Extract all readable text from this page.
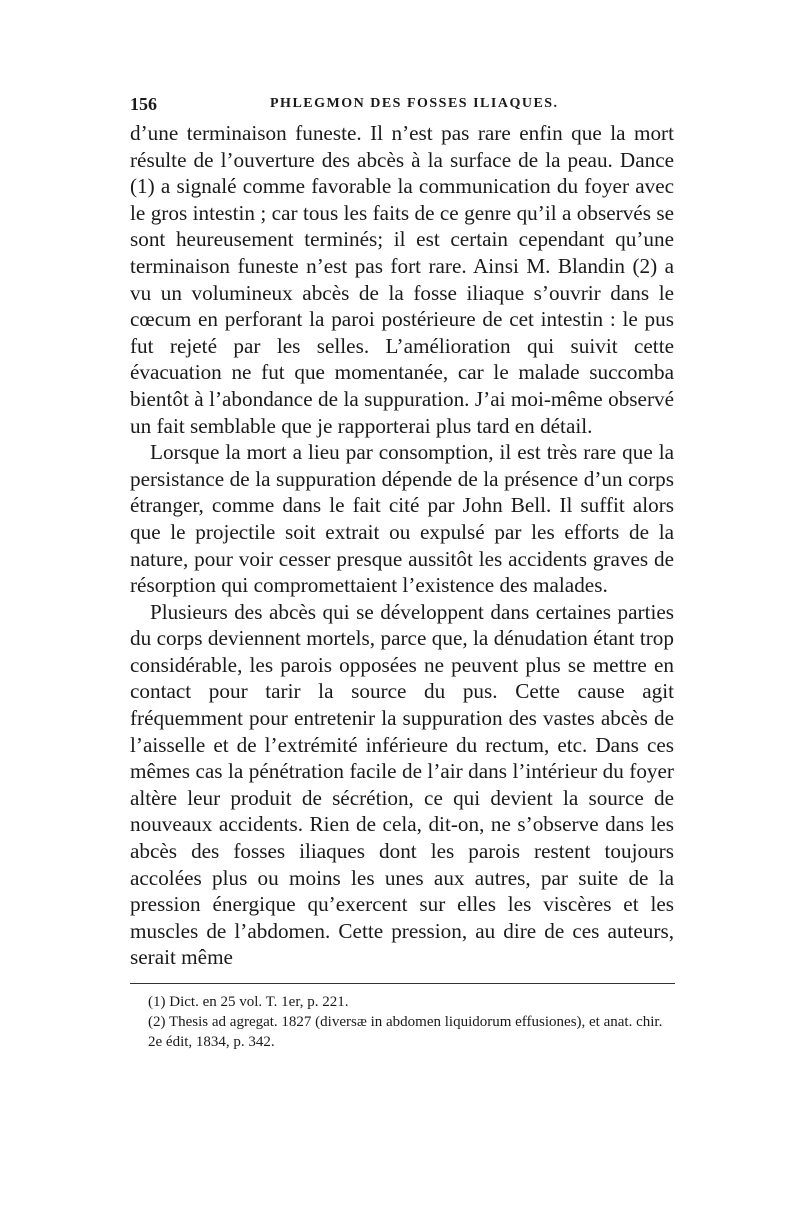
156	PHLEGMON DES FOSSES ILIAQUES.

d’une terminaison funeste. Il n’est pas rare enfin que la mort résulte de l’ouverture des abcès à la surface de la peau. Dance (1) a signalé comme favorable la communication du foyer avec le gros intestin ; car tous les faits de ce genre qu’il a observés se sont heureusement terminés; il est certain cependant qu’une terminaison funeste n’est pas fort rare. Ainsi M. Blandin (2) a vu un volumineux abcès de la fosse iliaque s’ouvrir dans le cœcum en perforant la paroi postérieure de cet intestin : le pus fut rejeté par les selles. L’amélioration qui suivit cette évacuation ne fut que momentanée, car le malade succomba bientôt à l’abondance de la suppuration. J’ai moi-même observé un fait semblable que je rapporterai plus tard en détail.

Lorsque la mort a lieu par consomption, il est très rare que la persistance de la suppuration dépende de la présence d’un corps étranger, comme dans le fait cité par John Bell. Il suffit alors que le projectile soit extrait ou expulsé par les efforts de la nature, pour voir cesser presque aussitôt les accidents graves de résorption qui compromettaient l’existence des malades.

Plusieurs des abcès qui se développent dans certaines parties du corps deviennent mortels, parce que, la dénudation étant trop considérable, les parois opposées ne peuvent plus se mettre en contact pour tarir la source du pus. Cette cause agit fréquemment pour entretenir la suppuration des vastes abcès de l’aisselle et de l’extrémité inférieure du rectum, etc. Dans ces mêmes cas la pénétration facile de l’air dans l’intérieur du foyer altère leur produit de sécrétion, ce qui devient la source de nouveaux accidents. Rien de cela, dit-on, ne s’observe dans les abcès des fosses iliaques dont les parois restent toujours accolées plus ou moins les unes aux autres, par suite de la pression énergique qu’exercent sur elles les viscères et les muscles de l’abdomen. Cette pression, au dire de ces auteurs, serait même

(1) Dict. en 25 vol. T. 1er, p. 221.
(2) Thesis ad agregat. 1827 (diversæ in abdomen liquidorum effusiones), et anat. chir. 2e édit, 1834, p. 342.
